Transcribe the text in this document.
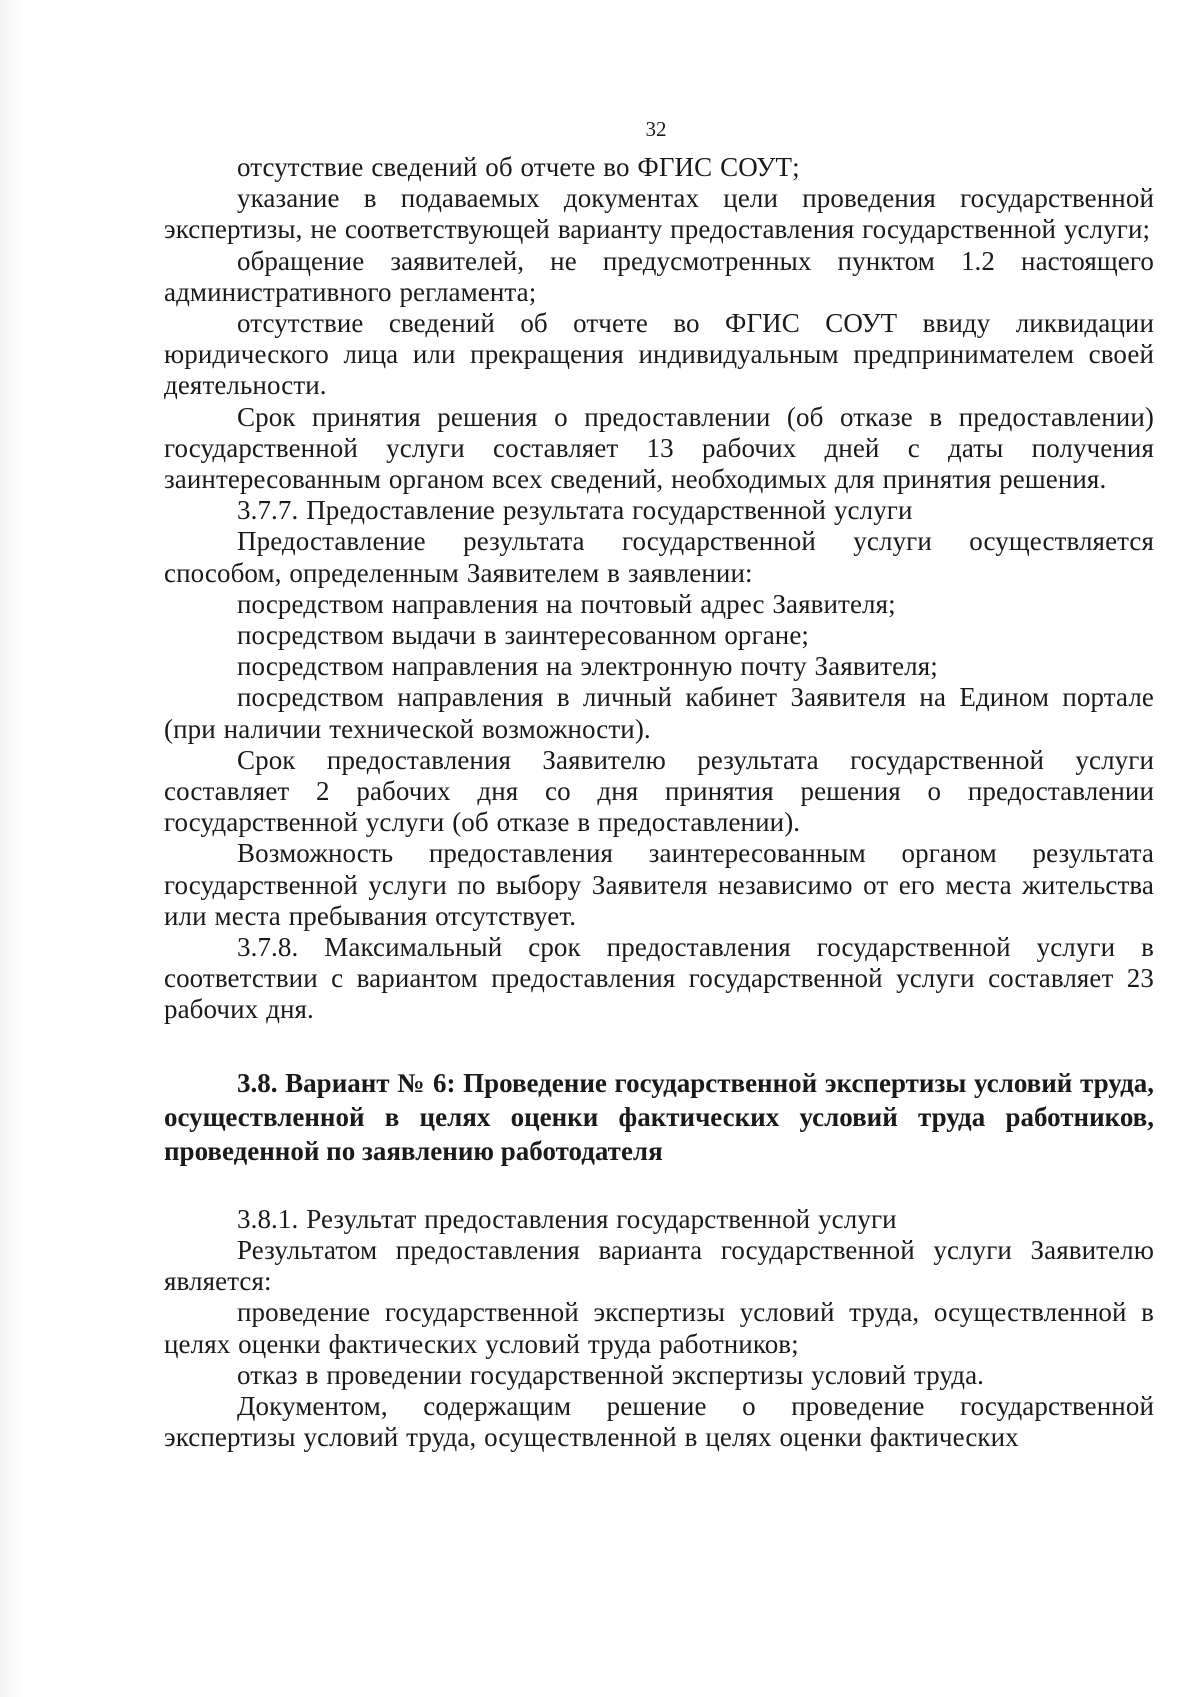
32

отсутствие сведений об отчете во ФГИС СОУТ;

указание в подаваемых документах цели проведения государственной экспертизы, не соответствующей варианту предоставления государственной услуги;

обращение заявителей, не предусмотренных пунктом 1.2 настоящего административного регламента;

отсутствие сведений об отчете во ФГИС СОУТ ввиду ликвидации юридического лица или прекращения индивидуальным предпринимателем своей деятельности.

Срок принятия решения о предоставлении (об отказе в предоставлении) государственной услуги составляет 13 рабочих дней с даты получения заинтересованным органом всех сведений, необходимых для принятия решения.

3.7.7. Предоставление результата государственной услуги

Предоставление результата государственной услуги осуществляется способом, определенным Заявителем в заявлении:

посредством направления на почтовый адрес Заявителя;

посредством выдачи в заинтересованном органе;

посредством направления на электронную почту Заявителя;

посредством направления в личный кабинет Заявителя на Едином портале (при наличии технической возможности).

Срок предоставления Заявителю результата государственной услуги составляет 2 рабочих дня со дня принятия решения о предоставлении государственной услуги (об отказе в предоставлении).

Возможность предоставления заинтересованным органом результата государственной услуги по выбору Заявителя независимо от его места жительства или места пребывания отсутствует.

3.7.8. Максимальный срок предоставления государственной услуги в соответствии с вариантом предоставления государственной услуги составляет 23 рабочих дня.

3.8. Вариант № 6: Проведение государственной экспертизы условий труда, осуществленной в целях оценки фактических условий труда работников, проведенной по заявлению работодателя

3.8.1. Результат предоставления государственной услуги

Результатом предоставления варианта государственной услуги Заявителю является:

проведение государственной экспертизы условий труда, осуществленной в целях оценки фактических условий труда работников;

отказ в проведении государственной экспертизы условий труда.

Документом, содержащим решение о проведение государственной экспертизы условий труда, осуществленной в целях оценки фактических
